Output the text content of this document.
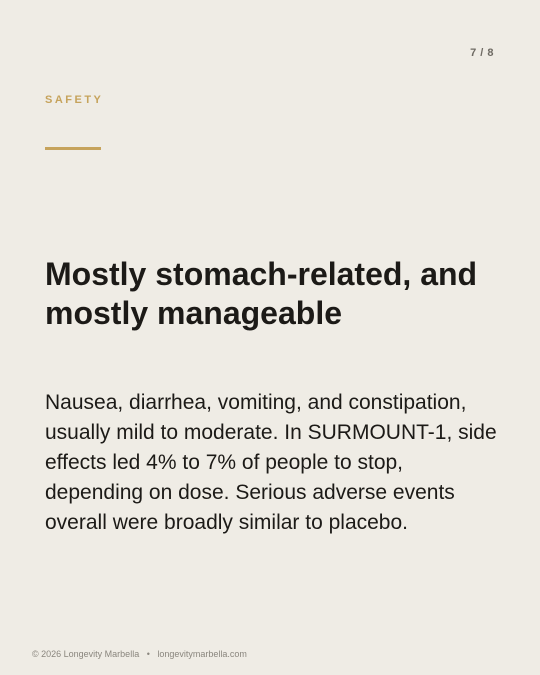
7 / 8
SAFETY
Mostly stomach-related, and mostly manageable

Nausea, diarrhea, vomiting, and constipation, usually mild to moderate. In SURMOUNT-1, side effects led 4% to 7% of people to stop, depending on dose. Serious adverse events overall were broadly similar to placebo.

© 2026 Longevity Marbella • longevitymarbella.com
